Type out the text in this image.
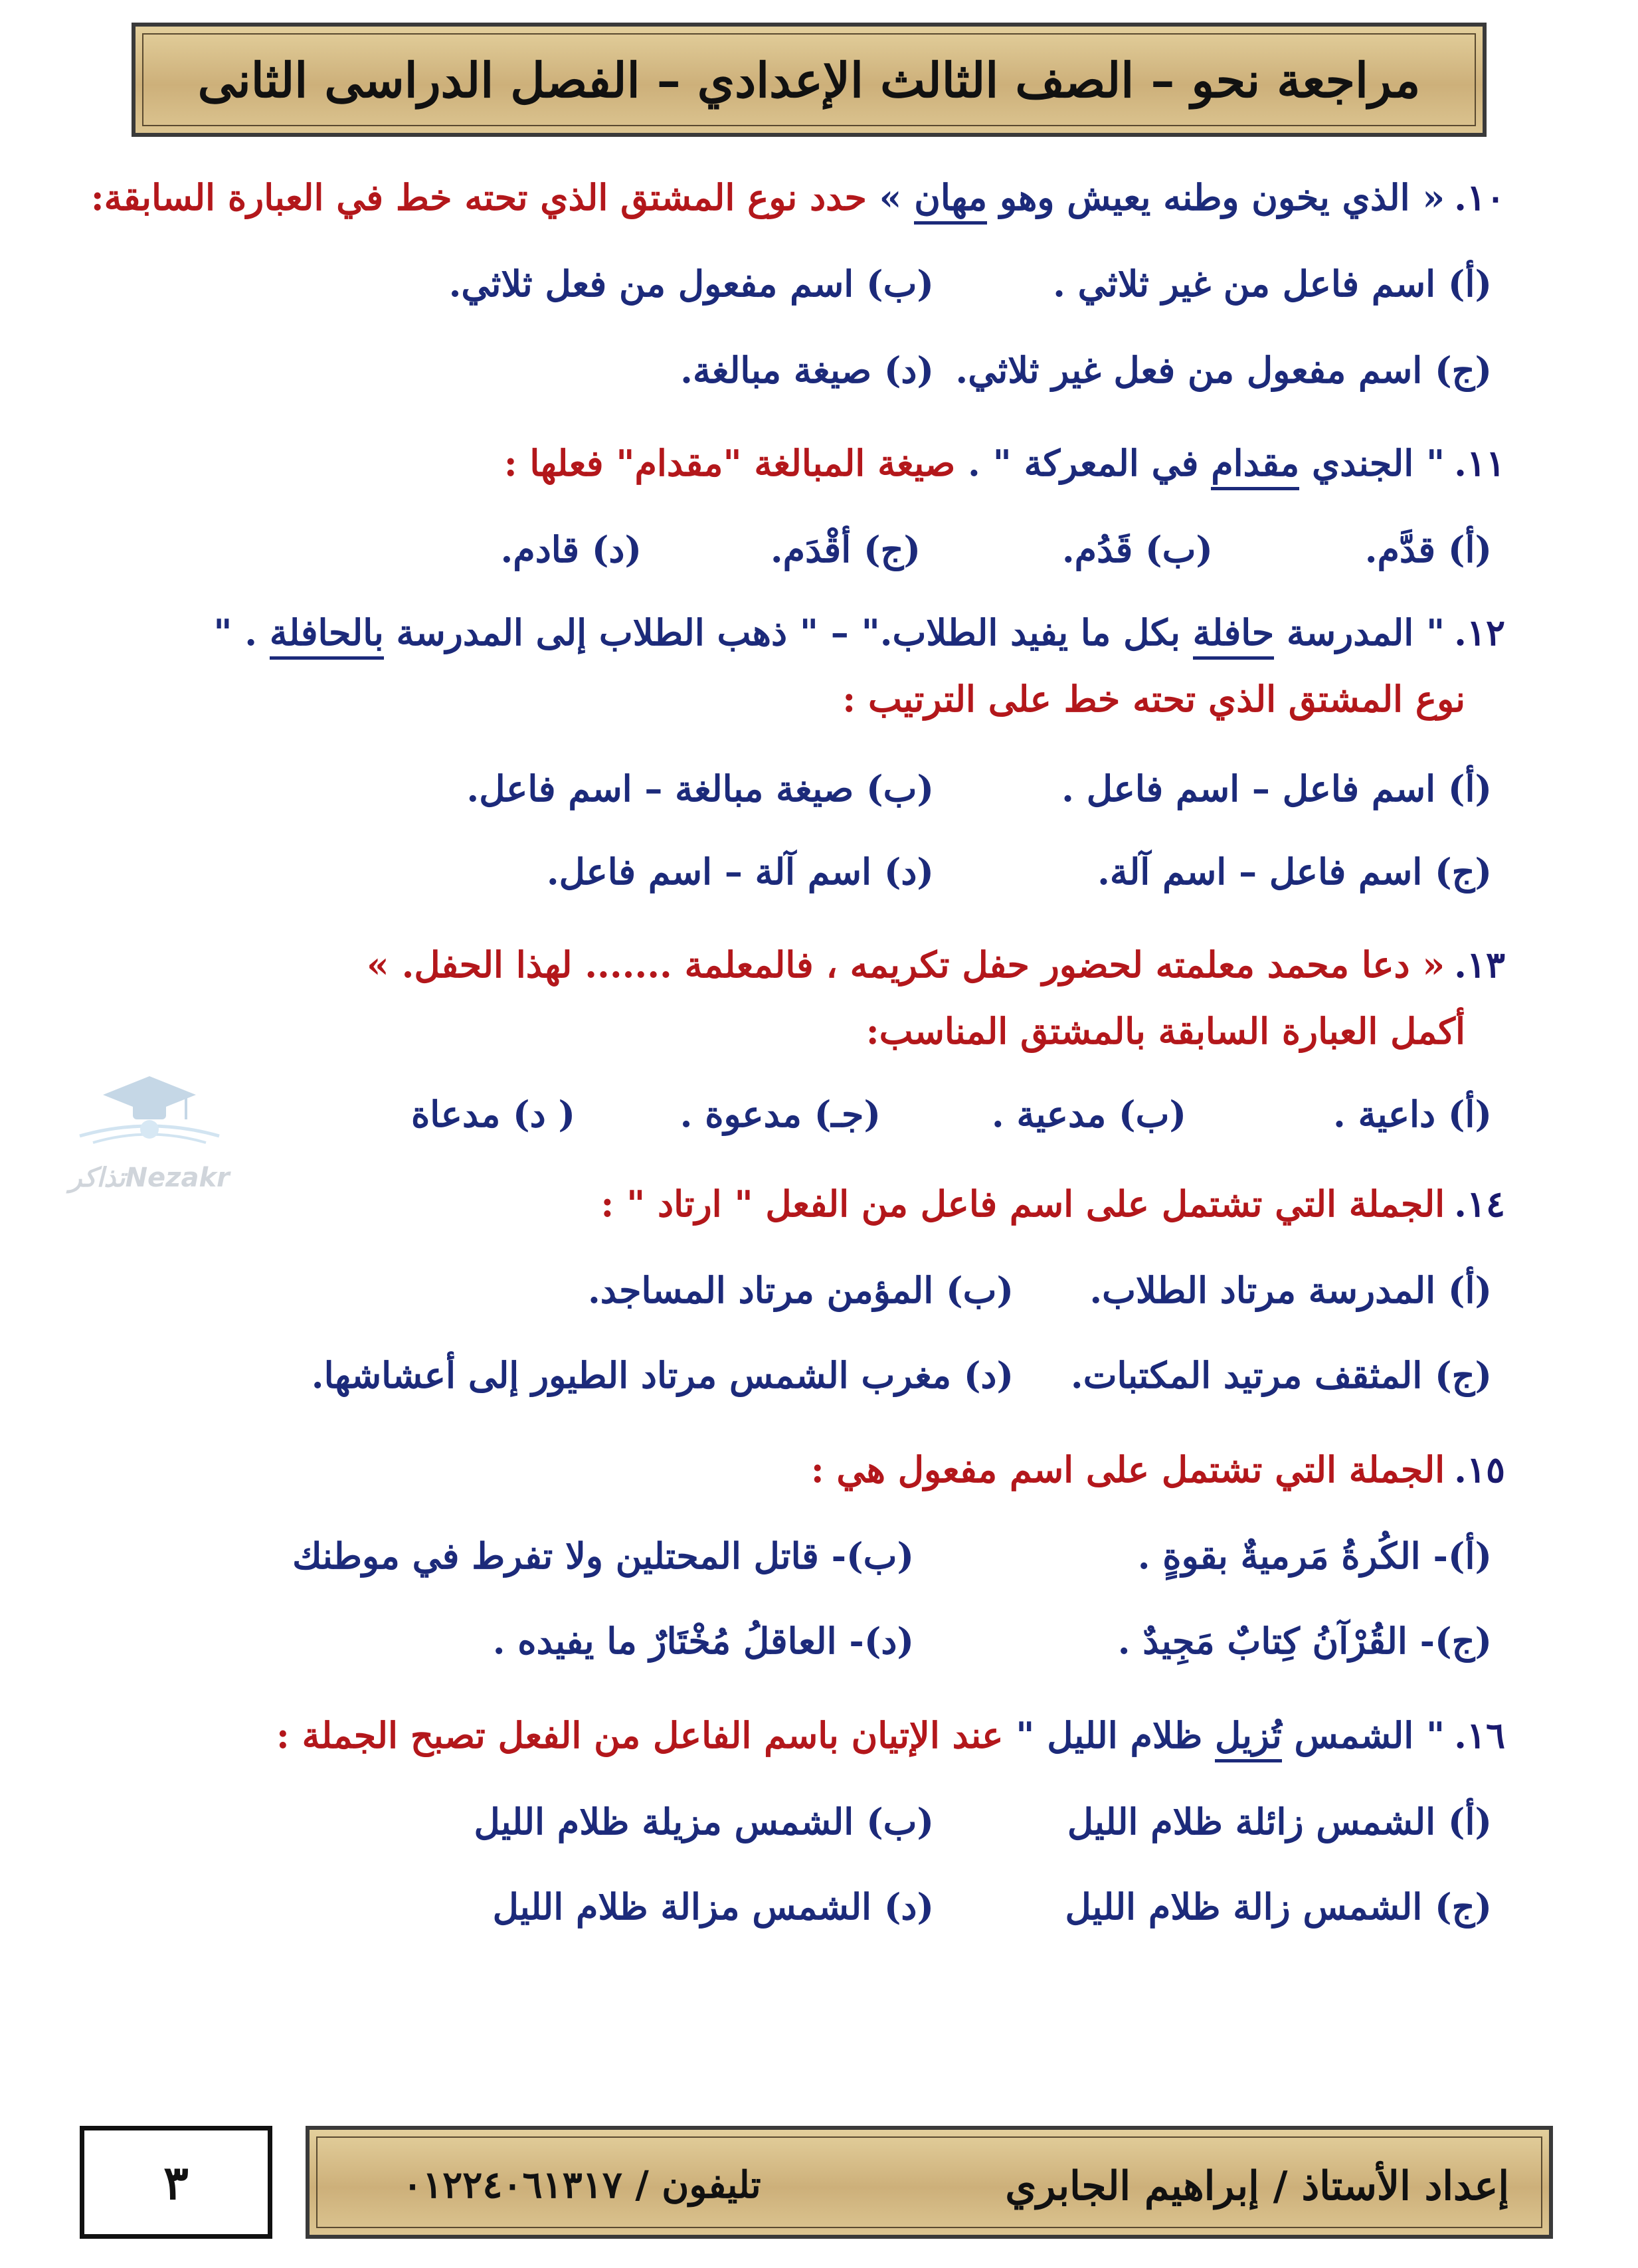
مراجعة نحو – الصف الثالث الإعدادي – الفصل الدراسى الثانى
١٠.« الذي يخون وطنه يعيش وهو مهان » حدد نوع المشتق الذي تحته خط في العبارة السابقة:
(أ) اسم فاعل من غير ثلاثي .
(ب) اسم مفعول من فعل ثلاثي.
(ج) اسم مفعول من فعل غير ثلاثي.
(د) صيغة مبالغة.
١١." الجندي مقدام في المعركة " . صيغة المبالغة "مقدام" فعلها :
(أ) قدَّم.
(ب) قَدُم.
(ج) أقْدَم.
(د) قادم.
١٢." المدرسة حافلة بكل ما يفيد الطلاب." – " ذهب الطلاب إلى المدرسة بالحافلة . "
نوع المشتق الذي تحته خط على الترتيب :
(أ) اسم فاعل – اسم فاعل .
(ب) صيغة مبالغة – اسم فاعل.
(ج) اسم فاعل – اسم آلة.
(د) اسم آلة – اسم فاعل.
١٣.« دعا محمد معلمته لحضور حفل تكريمه ، فالمعلمة ....... لهذا الحفل. »
أكمل العبارة السابقة بالمشتق المناسب:
(أ) داعية .
(ب) مدعية .
(جـ) مدعوة .
( د) مدعاة
١٤.الجملة التي تشتمل على اسم فاعل من الفعل " ارتاد " :
(أ) المدرسة مرتاد الطلاب.
(ب) المؤمن مرتاد المساجد.
(ج) المثقف مرتيد المكتبات.
(د) مغرب الشمس مرتاد الطيور إلى أعشاشها.
١٥.الجملة التي تشتمل على اسم مفعول هي :
(أ)- الكُرةُ مَرميةٌ بقوةٍ .
(ب)- قاتل المحتلين ولا تفرط في موطنك
(ج)- القُرْآنُ كِتابٌ مَجِيدٌ .
(د)- العاقلُ مُخْتَارٌ ما يفيده .
١٦." الشمس تُزيل ظلام الليل " عند الإتيان باسم الفاعل من الفعل تصبح الجملة :
(أ) الشمس زائلة ظلام الليل
(ب) الشمس مزيلة ظلام الليل
(ج) الشمس زالة ظلام الليل
(د) الشمس مزالة ظلام الليل
Nezakrتذاكر
٣	إعداد الأستاذ / إبراهيم الجابري
تليفون / ٠١٢٢٤٠٦١٣١٧
